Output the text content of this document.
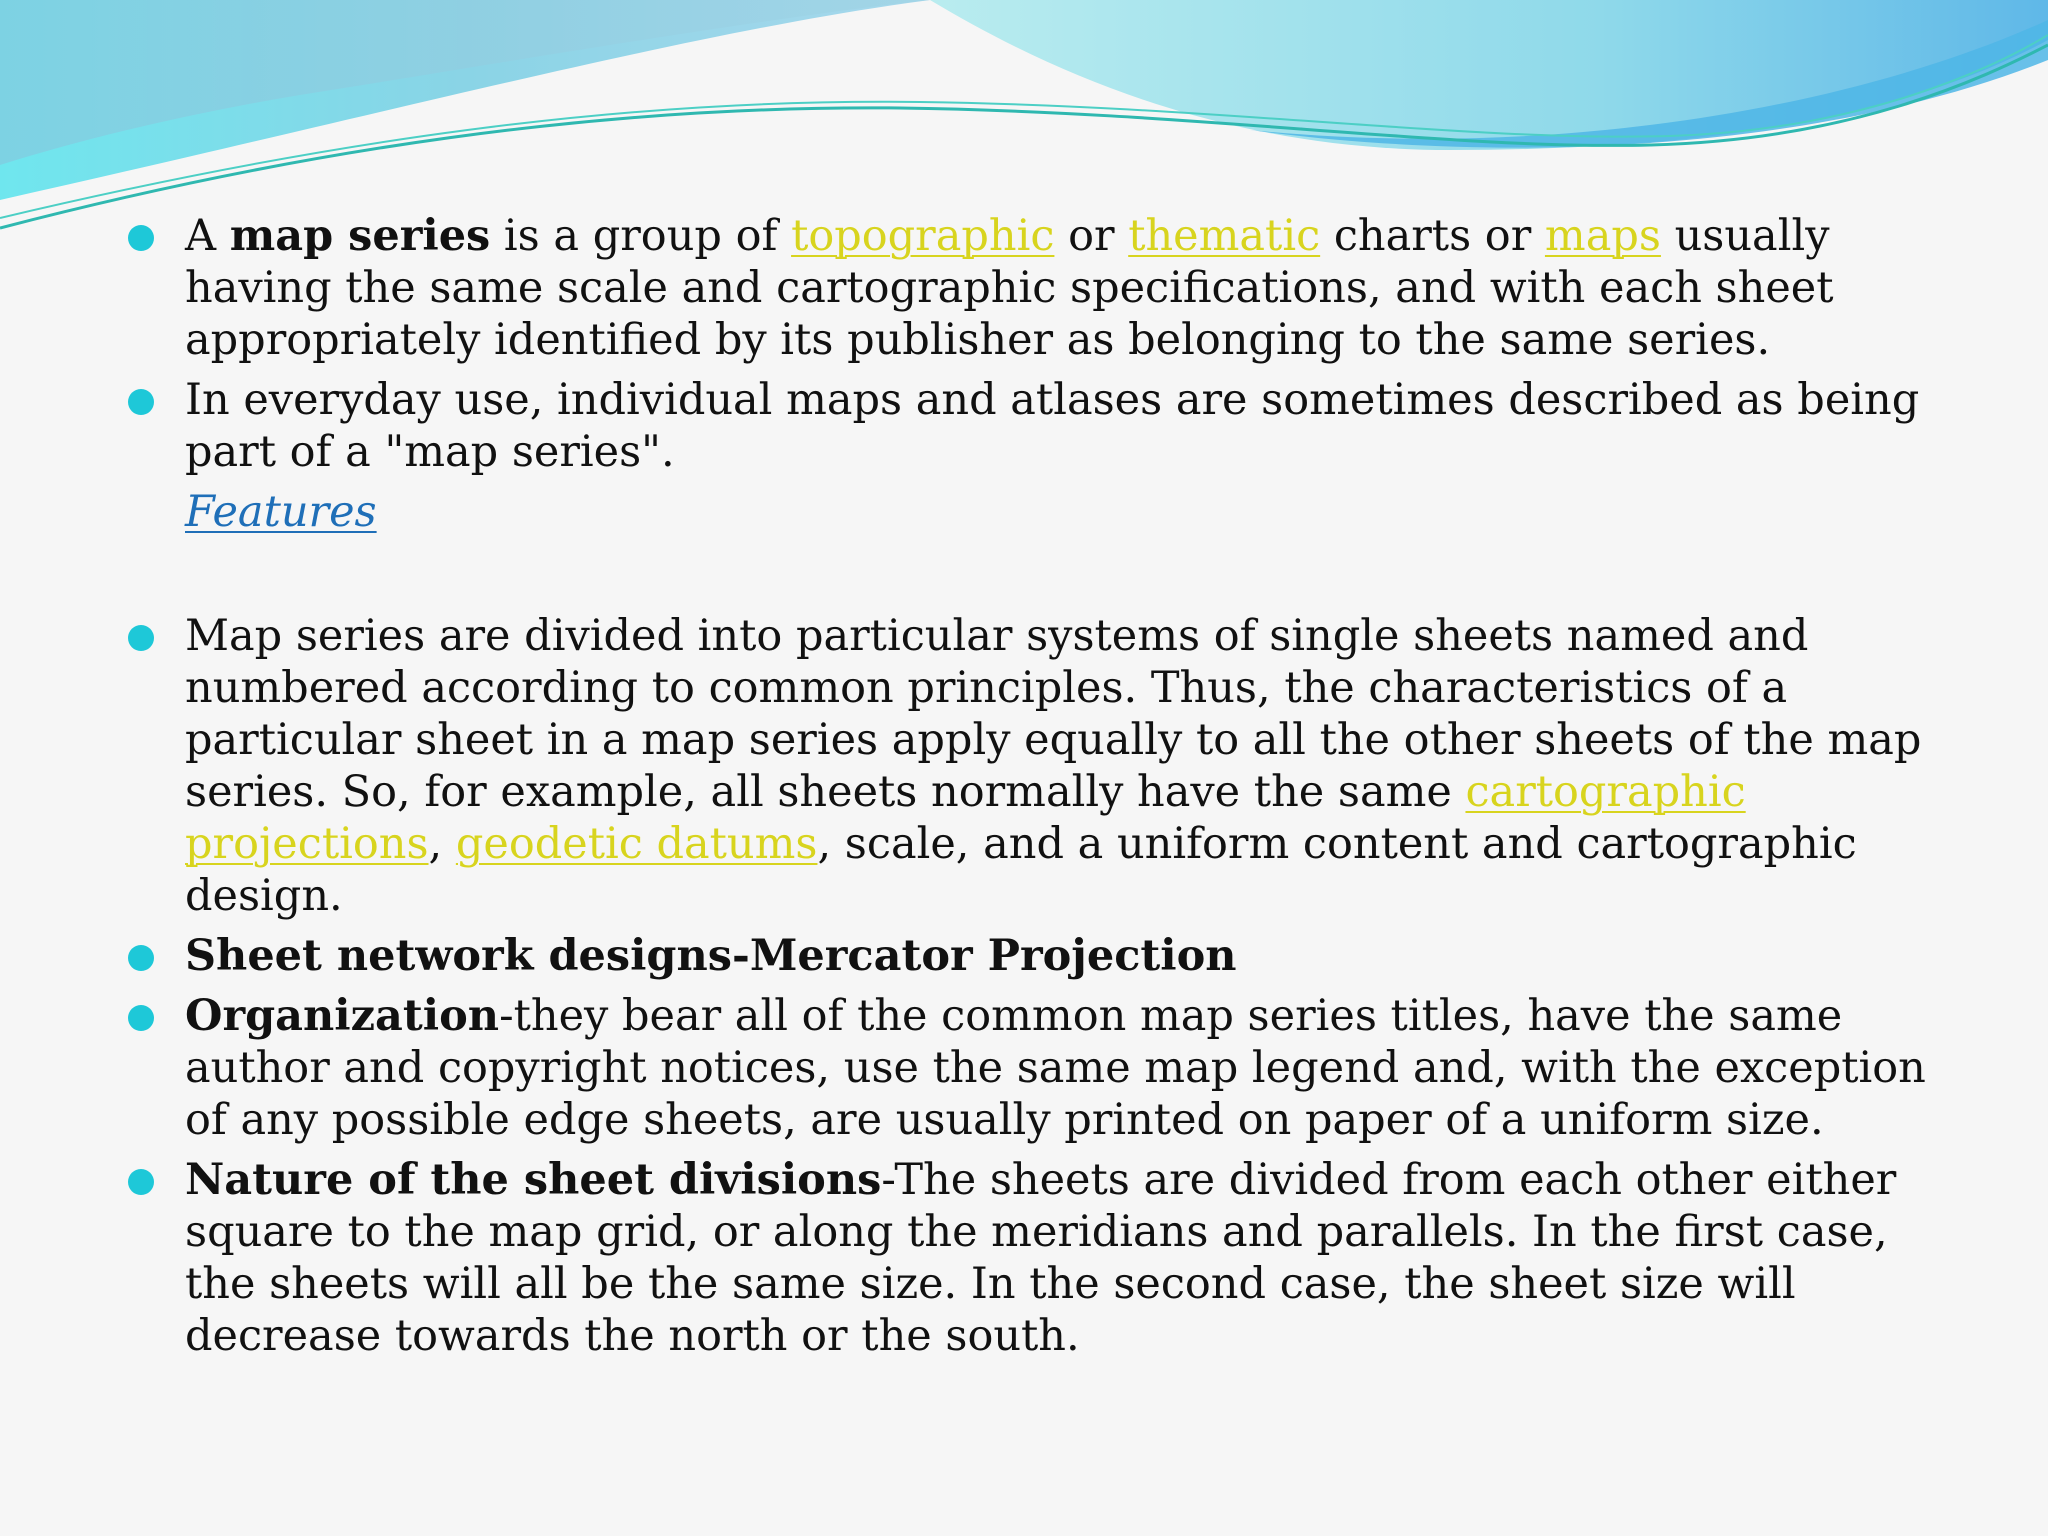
A map series is a group of topographic or thematic charts or maps usually having the same scale and cartographic specifications, and with each sheet appropriately identified by its publisher as belonging to the same series.
In everyday use, individual maps and atlases are sometimes described as being part of a "map series".
Features
Map series are divided into particular systems of single sheets named and numbered according to common principles. Thus, the characteristics of a particular sheet in a map series apply equally to all the other sheets of the map series. So, for example, all sheets normally have the same cartographic projections, geodetic datums, scale, and a uniform content and cartographic design.
Sheet network designs-Mercator Projection
Organization-they bear all of the common map series titles, have the same author and copyright notices, use the same map legend and, with the exception of any possible edge sheets, are usually printed on paper of a uniform size.
Nature of the sheet divisions-The sheets are divided from each other either square to the map grid, or along the meridians and parallels. In the first case, the sheets will all be the same size. In the second case, the sheet size will decrease towards the north or the south.
